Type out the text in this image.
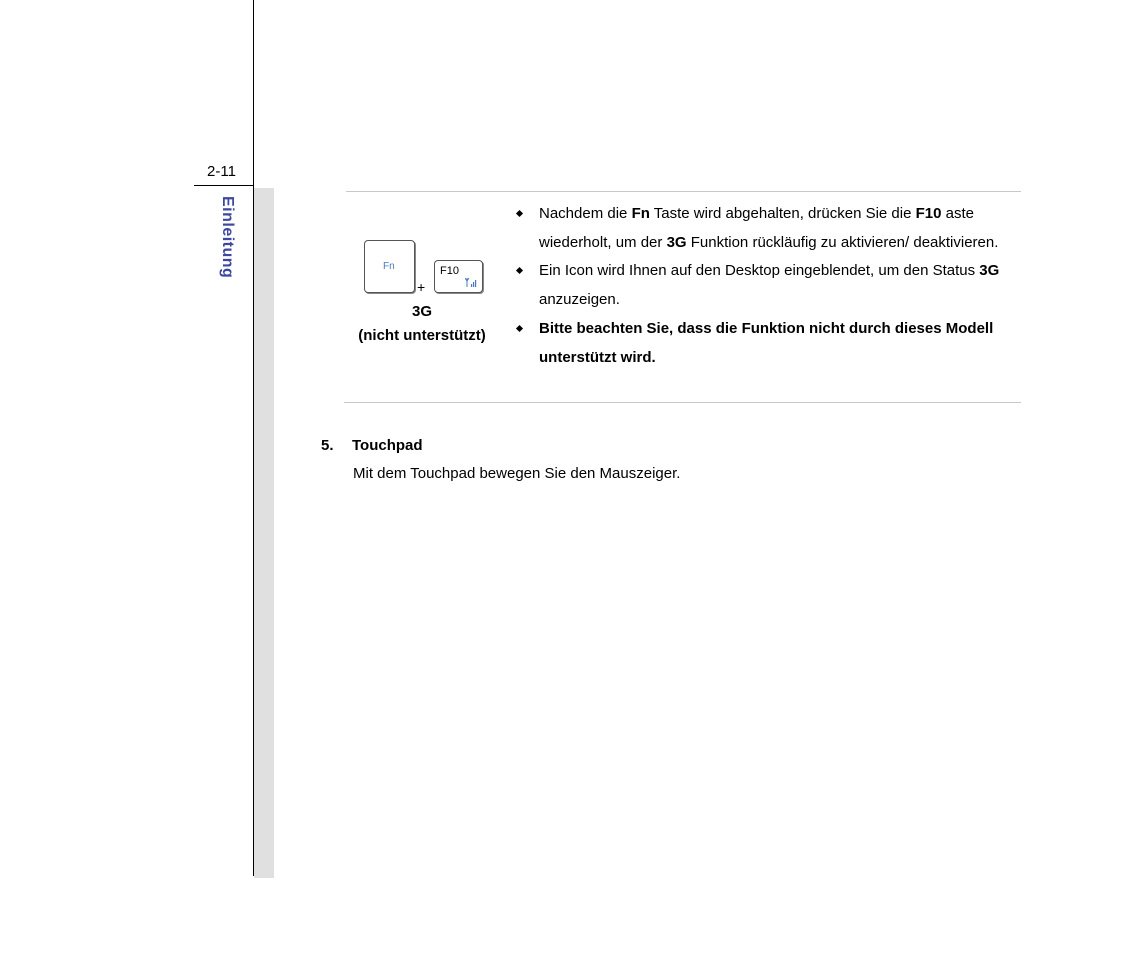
2-11
Einleitung	Fn
+
F10
3G
(nicht unterstützt)
Nachdem die Fn Taste wird abgehalten, drücken Sie die F10 aste wiederholt, um der 3G Funktion rückläufig zu aktivieren/ deaktivieren.
Ein Icon wird Ihnen auf den Desktop eingeblendet, um den Status 3G anzuzeigen.
Bitte beachten Sie, dass die Funktion nicht durch dieses Modell unterstützt wird.
5. Touchpad
Mit dem Touchpad bewegen Sie den Mauszeiger.
